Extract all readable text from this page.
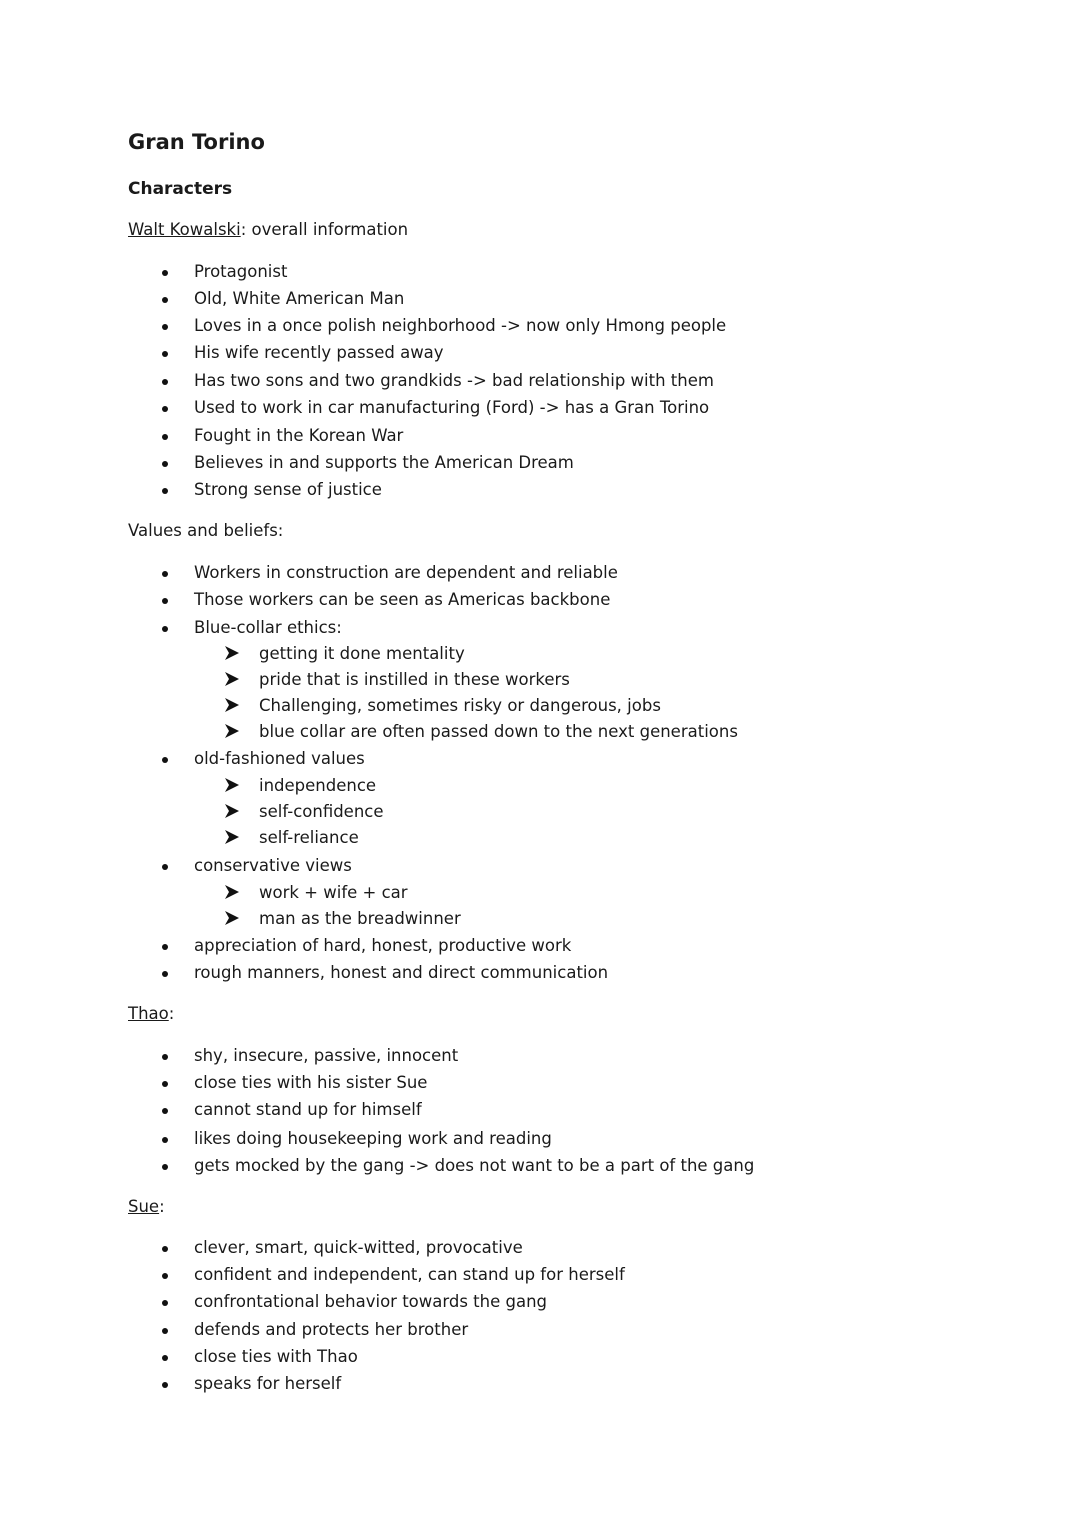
Gran Torino
Characters

Walt Kowalski: overall information

Protagonist
Old, White American Man
Loves in a once polish neighborhood -> now only Hmong people
His wife recently passed away
Has two sons and two grandkids -> bad relationship with them
Used to work in car manufacturing (Ford) -> has a Gran Torino
Fought in the Korean War
Believes in and supports the American Dream
Strong sense of justice

Values and beliefs:

Workers in construction are dependent and reliable
Those workers can be seen as Americas backbone
Blue-collar ethics:
getting it done mentality
pride that is instilled in these workers
Challenging, sometimes risky or dangerous, jobs
blue collar are often passed down to the next generations
old-fashioned values
independence
self-confidence
self-reliance
conservative views
work + wife + car
man as the breadwinner
appreciation of hard, honest, productive work
rough manners, honest and direct communication

Thao:

shy, insecure, passive, innocent
close ties with his sister Sue
cannot stand up for himself
likes doing housekeeping work and reading
gets mocked by the gang -> does not want to be a part of the gang

Sue:

clever, smart, quick-witted, provocative
confident and independent, can stand up for herself
confrontational behavior towards the gang
defends and protects her brother
close ties with Thao
speaks for herself
